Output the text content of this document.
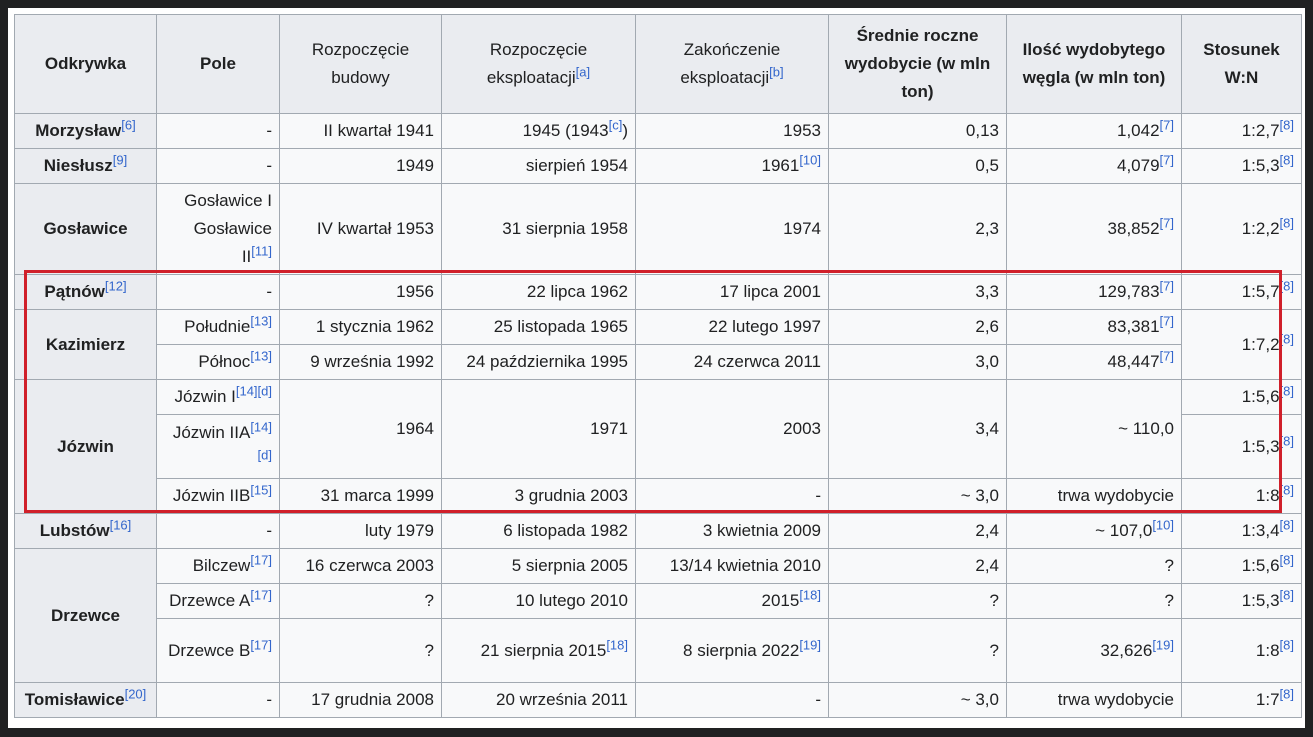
Odkrywka	Pole	Rozpoczęcie budowy	Rozpoczęcie eksploatacji[a]	Zakończenie eksploatacji[b]	Średnie roczne wydobycie (w mln ton)	Ilość wydobytego węgla (w mln ton)	Stosunek W:N
Morzysław[6]	-	II kwartał 1941	1945 (1943[c])	1953	0,13	1,042[7]	1:2,7[8]
Niesłusz[9]	-	1949	sierpień 1954	1961[10]	0,5	4,079[7]	1:5,3[8]
Gosławice	Gosławice I Gosławice II[11]	IV kwartał 1953	31 sierpnia 1958	1974	2,3	38,852[7]	1:2,2[8]
Pątnów[12]	-	1956	22 lipca 1962	17 lipca 2001	3,3	129,783[7]	1:5,7[8]
Kazimierz	Południe[13]	1 stycznia 1962	25 listopada 1965	22 lutego 1997	2,6	83,381[7]	1:7,2[8]
	Północ[13]	9 września 1992	24 października 1995	24 czerwca 2011	3,0	48,447[7]
Józwin	Józwin I[14][d]	1964	1971	2003	3,4	~ 110,0	1:5,6[8]
	Józwin IIA[14][d]						1:5,3[8]
	Józwin IIB[15]	31 marca 1999	3 grudnia 2003	-	~ 3,0	trwa wydobycie	1:8[8]
Lubstów[16]	-	luty 1979	6 listopada 1982	3 kwietnia 2009	2,4	~ 107,0[10]	1:3,4[8]
Drzewce	Bilczew[17]	16 czerwca 2003	5 sierpnia 2005	13/14 kwietnia 2010	2,4	?	1:5,6[8]
	Drzewce A[17]	?	10 lutego 2010	2015[18]	?	?	1:5,3[8]
	Drzewce B[17]	?	21 sierpnia 2015[18]	8 sierpnia 2022[19]	?	32,626[19]	1:8[8]
Tomisławice[20]	-	17 grudnia 2008	20 września 2011	-	~ 3,0	trwa wydobycie	1:7[8]
